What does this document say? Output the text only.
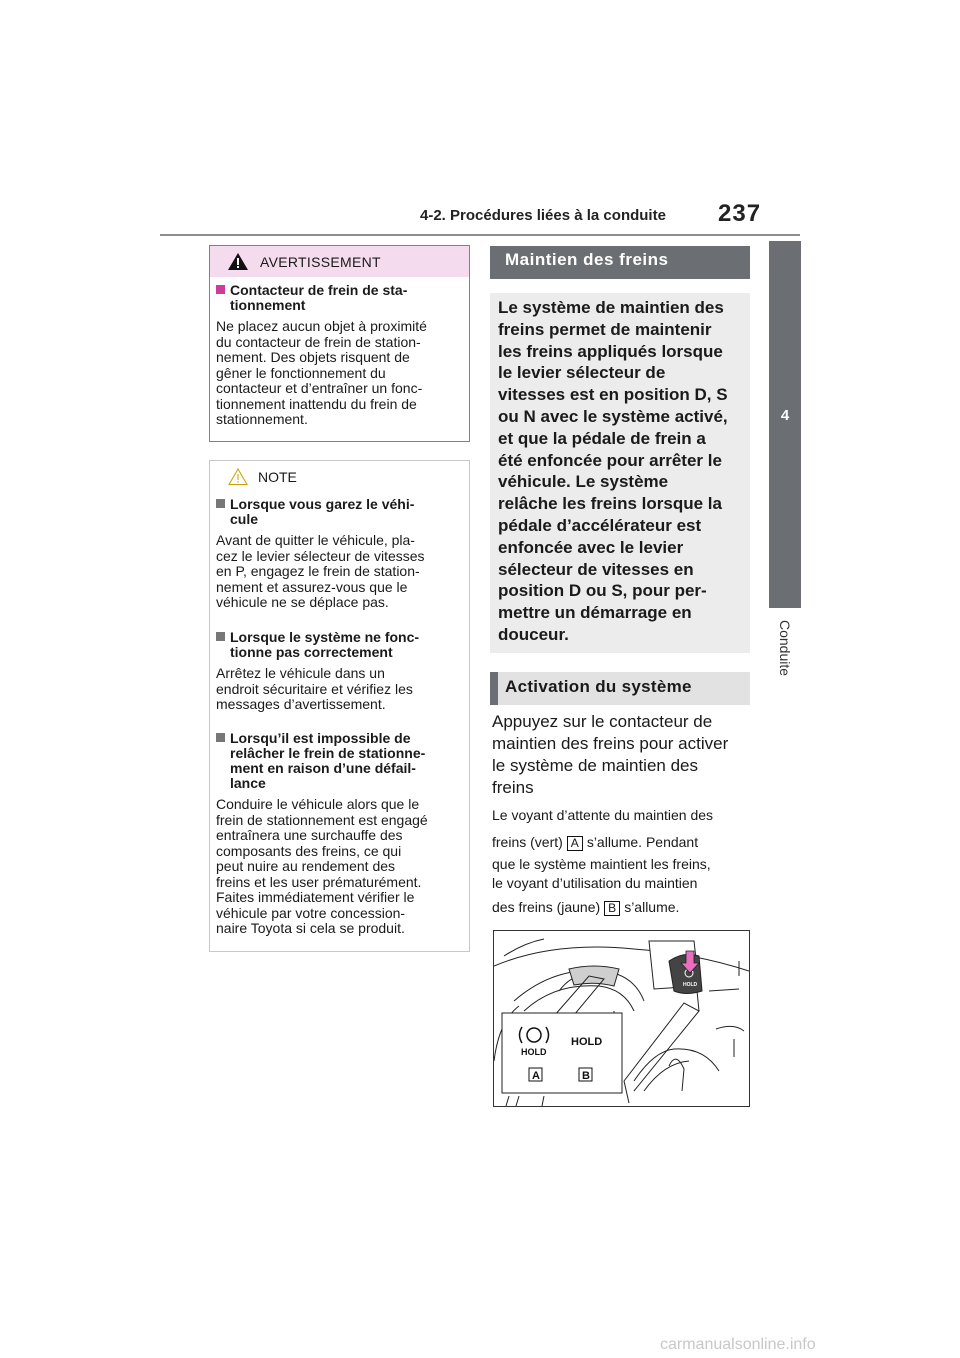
4-2. Procédures liées à la conduite 237
4
Conduite
AVERTISSEMENT
Contacteur de frein de sta-
tionnement
Ne placez aucun objet à proximité
du contacteur de frein de station-
nement. Des objets risquent de
gêner le fonctionnement du
contacteur et d’entraîner un fonc-
tionnement inattendu du frein de
stationnement.
NOTE
Lorsque vous garez le véhi-
cule
Avant de quitter le véhicule, pla-
cez le levier sélecteur de vitesses
en P, engagez le frein de station-
nement et assurez-vous que le
véhicule ne se déplace pas.
Lorsque le système ne fonc-
tionne pas correctement
Arrêtez le véhicule dans un
endroit sécuritaire et vérifiez les
messages d’avertissement.
Lorsqu’il est impossible de
relâcher le frein de stationne-
ment en raison d’une défail-
lance
Conduire le véhicule alors que le
frein de stationnement est engagé
entraînera une surchauffe des
composants des freins, ce qui
peut nuire au rendement des
freins et les user prématurément.
Faites immédiatement vérifier le
véhicule par votre concession-
naire Toyota si cela se produit.
Maintien des freins
Le système de maintien des
freins permet de maintenir
les freins appliqués lorsque
le levier sélecteur de
vitesses est en position D, S
ou N avec le système activé,
et que la pédale de frein a
été enfoncée pour arrêter le
véhicule. Le système
relâche les freins lorsque la
pédale d’accélérateur est
enfoncée avec le levier
sélecteur de vitesses en
position D ou S, pour per-
mettre un démarrage en
douceur.
Activation du système
Appuyez sur le contacteur de
maintien des freins pour activer
le système de maintien des
freins
Le voyant d’attente du maintien des
freins (vert) A s’allume. Pendant
que le système maintient les freins,
le voyant d’utilisation du maintien
des freins (jaune) B s’allume.
HOLD
HOLD
HOLD
A	B
carmanualsonline.info
